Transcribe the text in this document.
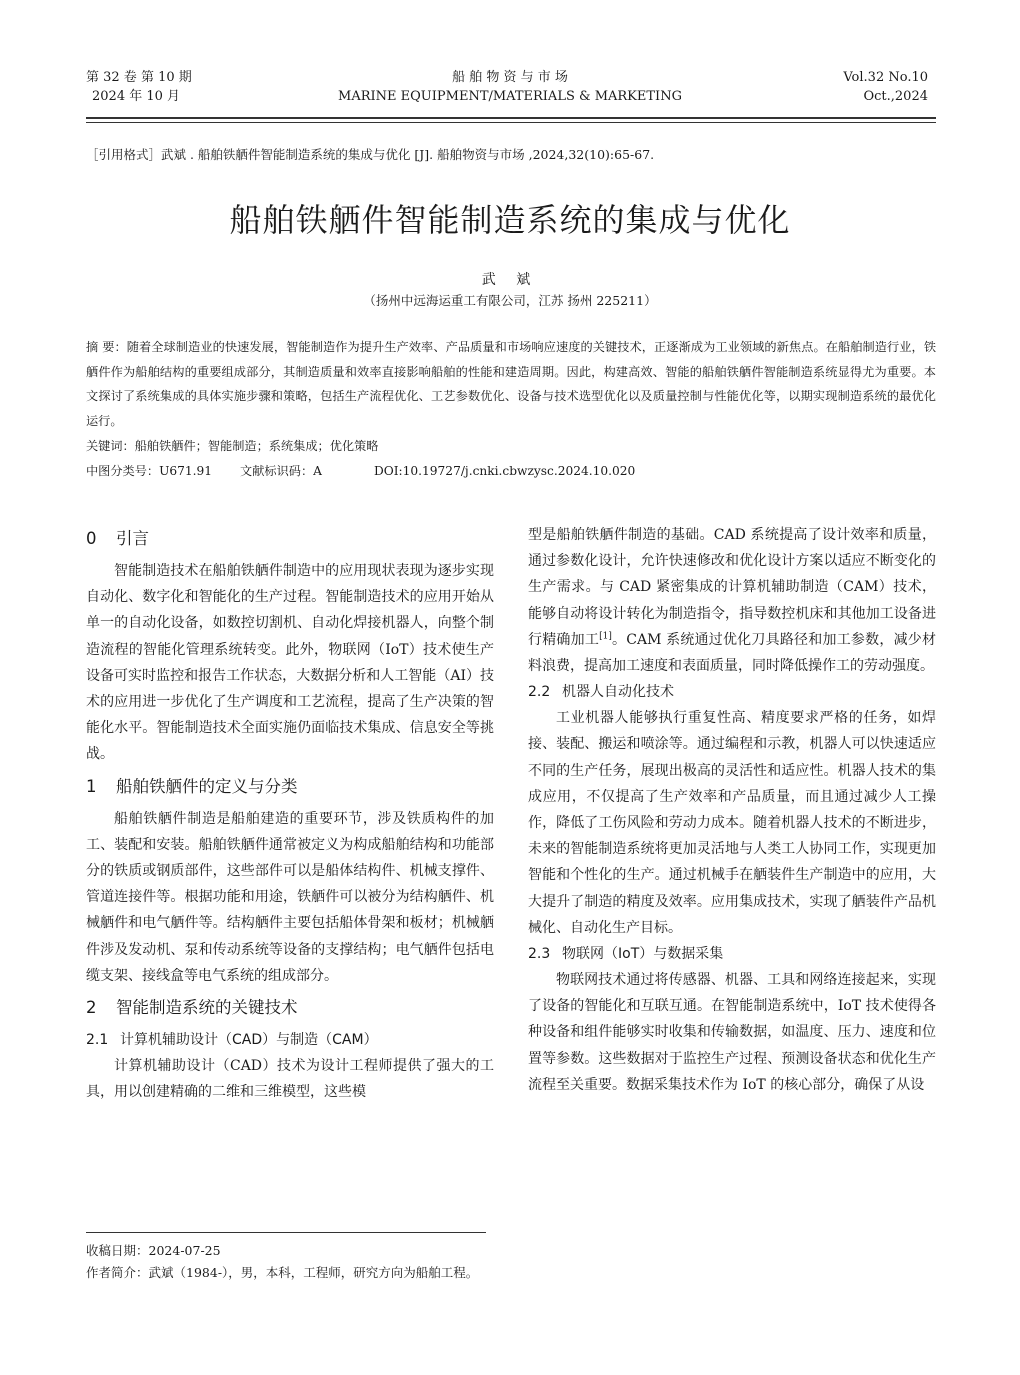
第 32 卷 第 10 期
2024 年 10 月
船 舶 物 资 与 市 场
MARINE EQUIPMENT/MATERIALS & MARKETING
Vol.32 No.10
Oct.,2024
［引用格式］武斌 . 船舶铁舾件智能制造系统的集成与优化 [J]. 船舶物资与市场 ,2024,32(10):65-67.
船舶铁舾件智能制造系统的集成与优化
武 斌
（扬州中远海运重工有限公司，江苏 扬州 225211）
摘 要：随着全球制造业的快速发展，智能制造作为提升生产效率、产品质量和市场响应速度的关键技术，正逐渐成为工业领域的新焦点。在船舶制造行业，铁舾件作为船舶结构的重要组成部分，其制造质量和效率直接影响船舶的性能和建造周期。因此，构建高效、智能的船舶铁舾件智能制造系统显得尤为重要。本文探讨了系统集成的具体实施步骤和策略，包括生产流程优化、工艺参数优化、设备与技术选型优化以及质量控制与性能优化等，以期实现制造系统的最优化运行。
关键词：船舶铁舾件；智能制造；系统集成；优化策略
中图分类号：U671.91 文献标识码：A	DOI:10.19727/j.cnki.cbwzysc.2024.10.020
0 引言

智能制造技术在船舶铁舾件制造中的应用现状表现为逐步实现自动化、数字化和智能化的生产过程。智能制造技术的应用开始从单一的自动化设备，如数控切割机、自动化焊接机器人，向整个制造流程的智能化管理系统转变。此外，物联网（IoT）技术使生产设备可实时监控和报告工作状态，大数据分析和人工智能（AI）技术的应用进一步优化了生产调度和工艺流程，提高了生产决策的智能化水平。智能制造技术全面实施仍面临技术集成、信息安全等挑战。

1 船舶铁舾件的定义与分类

船舶铁舾件制造是船舶建造的重要环节，涉及铁质构件的加工、装配和安装。船舶铁舾件通常被定义为构成船舶结构和功能部分的铁质或钢质部件，这些部件可以是船体结构件、机械支撑件、管道连接件等。根据功能和用途，铁舾件可以被分为结构舾件、机械舾件和电气舾件等。结构舾件主要包括船体骨架和板材；机械舾件涉及发动机、泵和传动系统等设备的支撑结构；电气舾件包括电缆支架、接线盒等电气系统的组成部分。

2 智能制造系统的关键技术
2.1 计算机辅助设计（CAD）与制造（CAM）

计算机辅助设计（CAD）技术为设计工程师提供了强大的工具，用以创建精确的二维和三维模型，这些模

型是船舶铁舾件制造的基础。CAD 系统提高了设计效率和质量，通过参数化设计，允许快速修改和优化设计方案以适应不断变化的生产需求。与 CAD 紧密集成的计算机辅助制造（CAM）技术，能够自动将设计转化为制造指令，指导数控机床和其他加工设备进行精确加工[1]。CAM 系统通过优化刀具路径和加工参数，减少材料浪费，提高加工速度和表面质量，同时降低操作工的劳动强度。

2.2 机器人自动化技术

工业机器人能够执行重复性高、精度要求严格的任务，如焊接、装配、搬运和喷涂等。通过编程和示教，机器人可以快速适应不同的生产任务，展现出极高的灵活性和适应性。机器人技术的集成应用，不仅提高了生产效率和产品质量，而且通过减少人工操作，降低了工伤风险和劳动力成本。随着机器人技术的不断进步，未来的智能制造系统将更加灵活地与人类工人协同工作，实现更加智能和个性化的生产。通过机械手在舾装件生产制造中的应用，大大提升了制造的精度及效率。应用集成技术，实现了舾装件产品机械化、自动化生产目标。

2.3 物联网（IoT）与数据采集

物联网技术通过将传感器、机器、工具和网络连接起来，实现了设备的智能化和互联互通。在智能制造系统中，IoT 技术使得各种设备和组件能够实时收集和传输数据，如温度、压力、速度和位置等参数。这些数据对于监控生产过程、预测设备状态和优化生产流程至关重要。数据采集技术作为 IoT 的核心部分，确保了从设

收稿日期：2024-07-25
作者简介：武斌（1984-），男，本科，工程师，研究方向为船舶工程。
